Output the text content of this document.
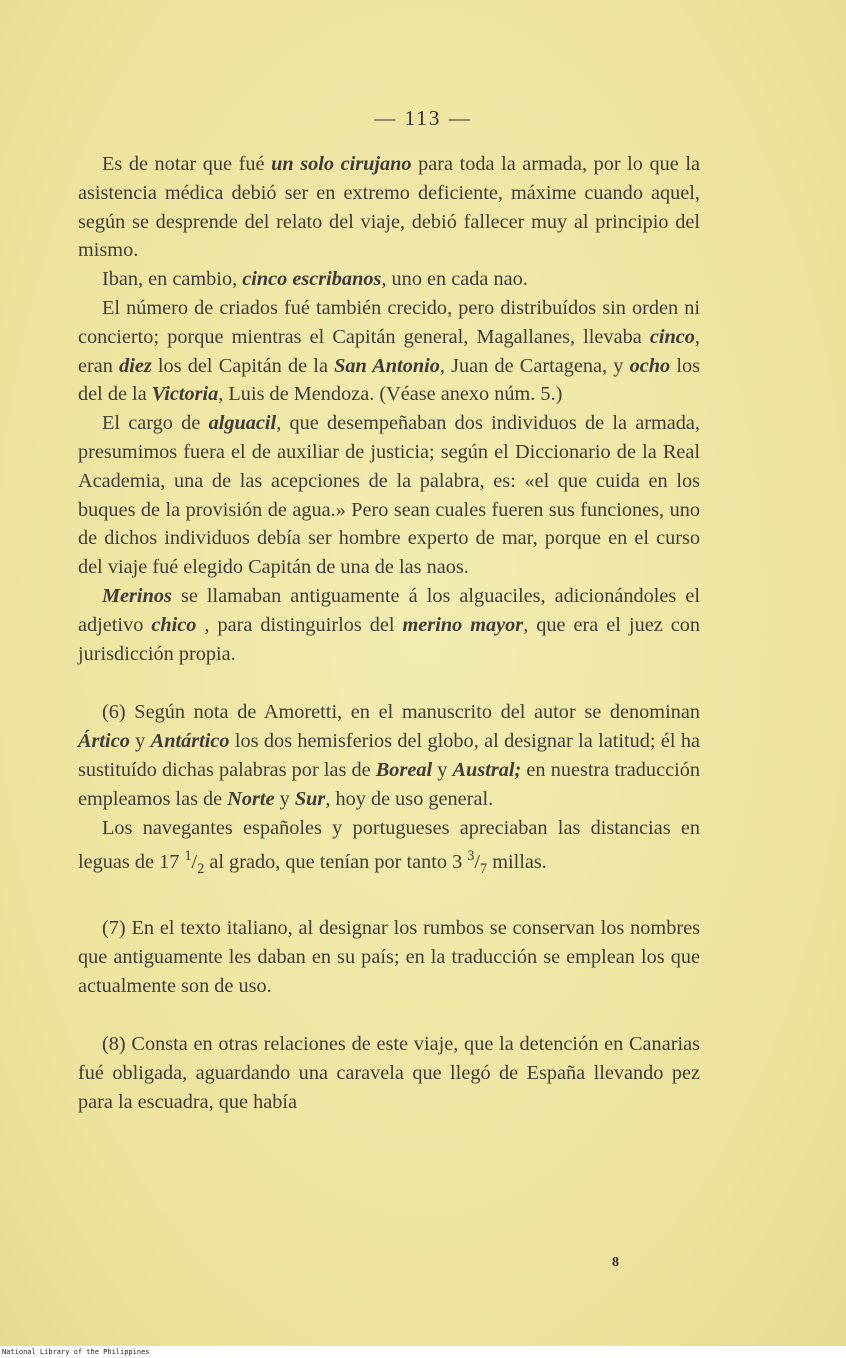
— 113 —

Es de notar que fué un solo cirujano para toda la armada, por lo que la asistencia médica debió ser en extremo deficiente, máxime cuando aquel, según se desprende del relato del viaje, debió fallecer muy al principio del mismo.

Iban, en cambio, cinco escribanos, uno en cada nao.

El número de criados fué también crecido, pero distribuídos sin orden ni concierto; porque mientras el Capitán general, Magallanes, llevaba cinco, eran diez los del Capitán de la San Antonio, Juan de Cartagena, y ocho los del de la Victoria, Luis de Mendoza. (Véase anexo núm. 5.)

El cargo de alguacil, que desempeñaban dos individuos de la armada, presumimos fuera el de auxiliar de justicia; según el Diccionario de la Real Academia, una de las acepciones de la palabra, es: «el que cuida en los buques de la provisión de agua.» Pero sean cuales fueren sus funciones, uno de dichos individuos debía ser hombre experto de mar, porque en el curso del viaje fué elegido Capitán de una de las naos.

Merinos se llamaban antiguamente á los alguaciles, adicionándoles el adjetivo chico , para distinguirlos del merino mayor, que era el juez con jurisdicción propia.

(6) Según nota de Amoretti, en el manuscrito del autor se denominan Ártico y Antártico los dos hemisferios del globo, al designar la latitud; él ha sustituído dichas palabras por las de Boreal y Austral; en nuestra traducción empleamos las de Norte y Sur, hoy de uso general.

Los navegantes españoles y portugueses apreciaban las distancias en leguas de 17 $^1/_2$ al grado, que tenían por tanto 3 $^3/_7$ millas.

(7) En el texto italiano, al designar los rumbos se conservan los nombres que antiguamente les daban en su país; en la traducción se emplean los que actualmente son de uso.

(8) Consta en otras relaciones de este viaje, que la detención en Canarias fué obligada, aguardando una caravela que llegó de España llevando pez para la escuadra, que había

8
National Library of the Philippines
